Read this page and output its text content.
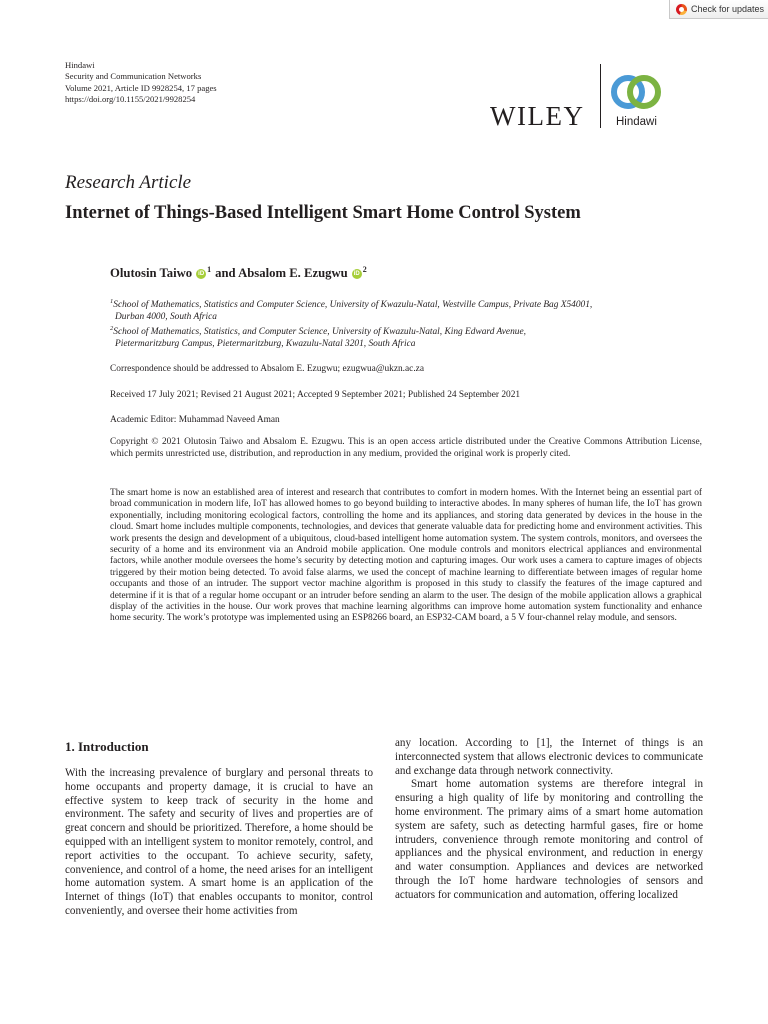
Check for updates
Hindawi
Security and Communication Networks
Volume 2021, Article ID 9928254, 17 pages
https://doi.org/10.1155/2021/9928254
WILEY	Hindawi
Research Article
Internet of Things-Based Intelligent Smart Home Control System
Olutosin Taiwo	iD $^1$ and Absalom E. Ezugwu	iD $^2$
$^1$School of Mathematics, Statistics and Computer Science, University of Kwazulu-Natal, Westville Campus, Private Bag X54001,
Durban 4000, South Africa
$^2$School of Mathematics, Statistics, and Computer Science, University of Kwazulu-Natal, King Edward Avenue,
Pietermaritzburg Campus, Pietermaritzburg, Kwazulu-Natal 3201, South Africa
Correspondence should be addressed to Absalom E. Ezugwu; ezugwua@ukzn.ac.za
Received 17 July 2021; Revised 21 August 2021; Accepted 9 September 2021; Published 24 September 2021
Academic Editor: Muhammad Naveed Aman
Copyright © 2021 Olutosin Taiwo and Absalom E. Ezugwu. This is an open access article distributed under the Creative Commons Attribution License, which permits unrestricted use, distribution, and reproduction in any medium, provided the original work is properly cited.
The smart home is now an established area of interest and research that contributes to comfort in modern homes. With the Internet being an essential part of broad communication in modern life, IoT has allowed homes to go beyond building to interactive abodes. In many spheres of human life, the IoT has grown exponentially, including monitoring ecological factors, controlling the home and its appliances, and storing data generated by devices in the house in the cloud. Smart home includes multiple components, technologies, and devices that generate valuable data for predicting home and environment activities. This work presents the design and development of a ubiquitous, cloud-based intelligent home automation system. The system controls, monitors, and oversees the security of a home and its environment via an Android mobile application. One module controls and monitors electrical appliances and environmental factors, while another module oversees the home’s security by detecting motion and capturing images. Our work uses a camera to capture images of objects triggered by their motion being detected. To avoid false alarms, we used the concept of machine learning to differentiate between images of regular home occupants and those of an intruder. The support vector machine algorithm is proposed in this study to classify the features of the image captured and determine if it is that of a regular home occupant or an intruder before sending an alarm to the user. The design of the mobile application allows a graphical display of the activities in the house. Our work proves that machine learning algorithms can improve home automation system functionality and enhance home security. The work’s prototype was implemented using an ESP8266 board, an ESP32-CAM board, a 5 V four-channel relay module, and sensors.
1. Introduction

With the increasing prevalence of burglary and personal threats to home occupants and property damage, it is crucial to have an effective system to keep track of security in the home and environment. The safety and security of lives and properties are of great concern and should be prioritized. Therefore, a home should be equipped with an intelligent system to monitor remotely, control, and report activities to the occupant. To achieve security, safety, convenience, and control of a home, the need arises for an intelligent home automation system. A smart home is an application of the Internet of things (IoT) that enables occupants to monitor, control conveniently, and oversee their home activities from

any location. According to [1], the Internet of things is an interconnected system that allows electronic devices to communicate and exchange data through network connectivity.

Smart home automation systems are therefore integral in ensuring a high quality of life by monitoring and controlling the home environment. The primary aims of a smart home automation system are safety, such as detecting harmful gases, fire or home intruders, convenience through remote monitoring and control of appliances and the physical environment, and reduction in energy and water consumption. Appliances and devices are networked through the IoT home hardware technologies of sensors and actuators for communication and automation, offering localized
